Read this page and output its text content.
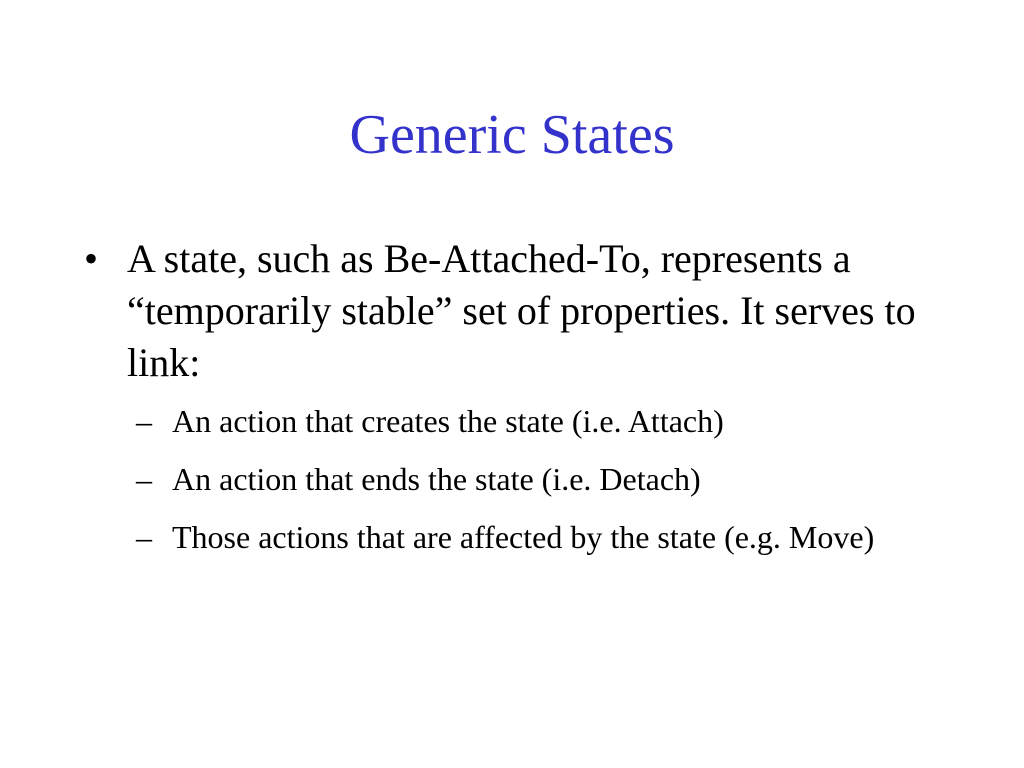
Generic States
• A state, such as Be-Attached-To, represents a “temporarily stable” set of properties. It serves to link:
– An action that creates the state (i.e. Attach)
– An action that ends the state (i.e. Detach)
– Those actions that are affected by the state (e.g. Move)
